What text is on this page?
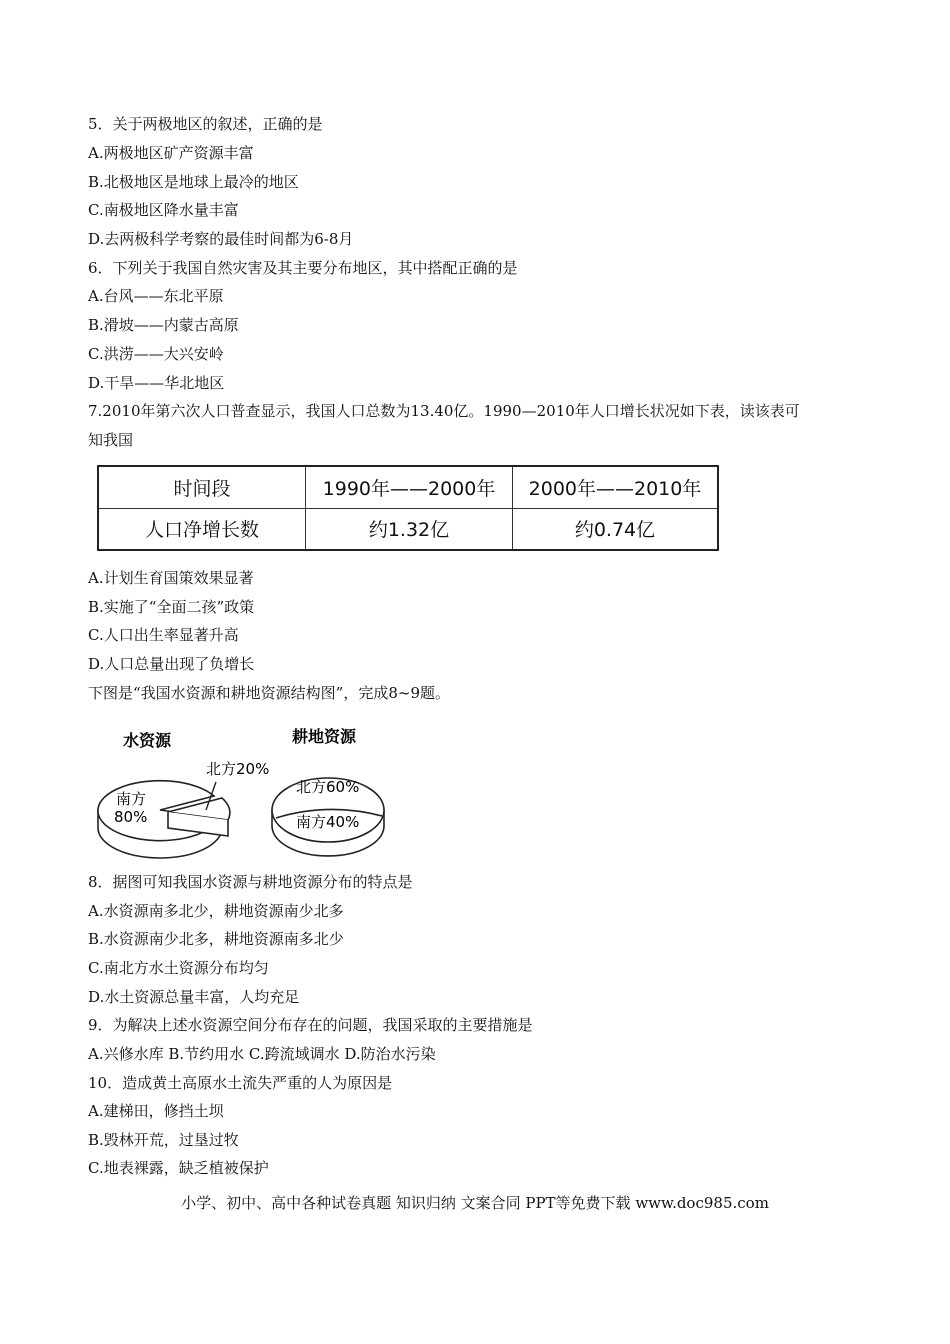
5．关于两极地区的叙述，正确的是
A.两极地区矿产资源丰富
B.北极地区是地球上最冷的地区
C.南极地区降水量丰富
D.去两极科学考察的最佳时间都为6-8月
6．下列关于我国自然灾害及其主要分布地区，其中搭配正确的是
A.台风——东北平原
B.滑坡——内蒙古高原
C.洪涝——大兴安岭
D.干旱——华北地区
7.2010年第六次人口普查显示，我国人口总数为13.40亿。1990—2010年人口增长状况如下表，读该表可
知我国
时间段	1990年——2000年	2000年——2010年
人口净增长数	约1.32亿	约0.74亿
A.计划生育国策效果显著
B.实施了“全面二孩”政策
C.人口出生率显著升高
D.人口总量出现了负增长
下图是“我国水资源和耕地资源结构图”，完成8~9题。
水资源
南方
80%
北方20%
耕地资源
北方60%
南方40%
8．据图可知我国水资源与耕地资源分布的特点是
A.水资源南多北少，耕地资源南少北多
B.水资源南少北多，耕地资源南多北少
C.南北方水土资源分布均匀
D.水土资源总量丰富，人均充足
9．为解决上述水资源空间分布存在的问题，我国采取的主要措施是
A.兴修水库 B.节约用水 C.跨流域调水 D.防治水污染
10．造成黄土高原水土流失严重的人为原因是
A.建梯田，修挡土坝
B.毁林开荒，过垦过牧
C.地表裸露，缺乏植被保护
小学、初中、高中各种试卷真题 知识归纳 文案合同 PPT等免费下载 www.doc985.com
